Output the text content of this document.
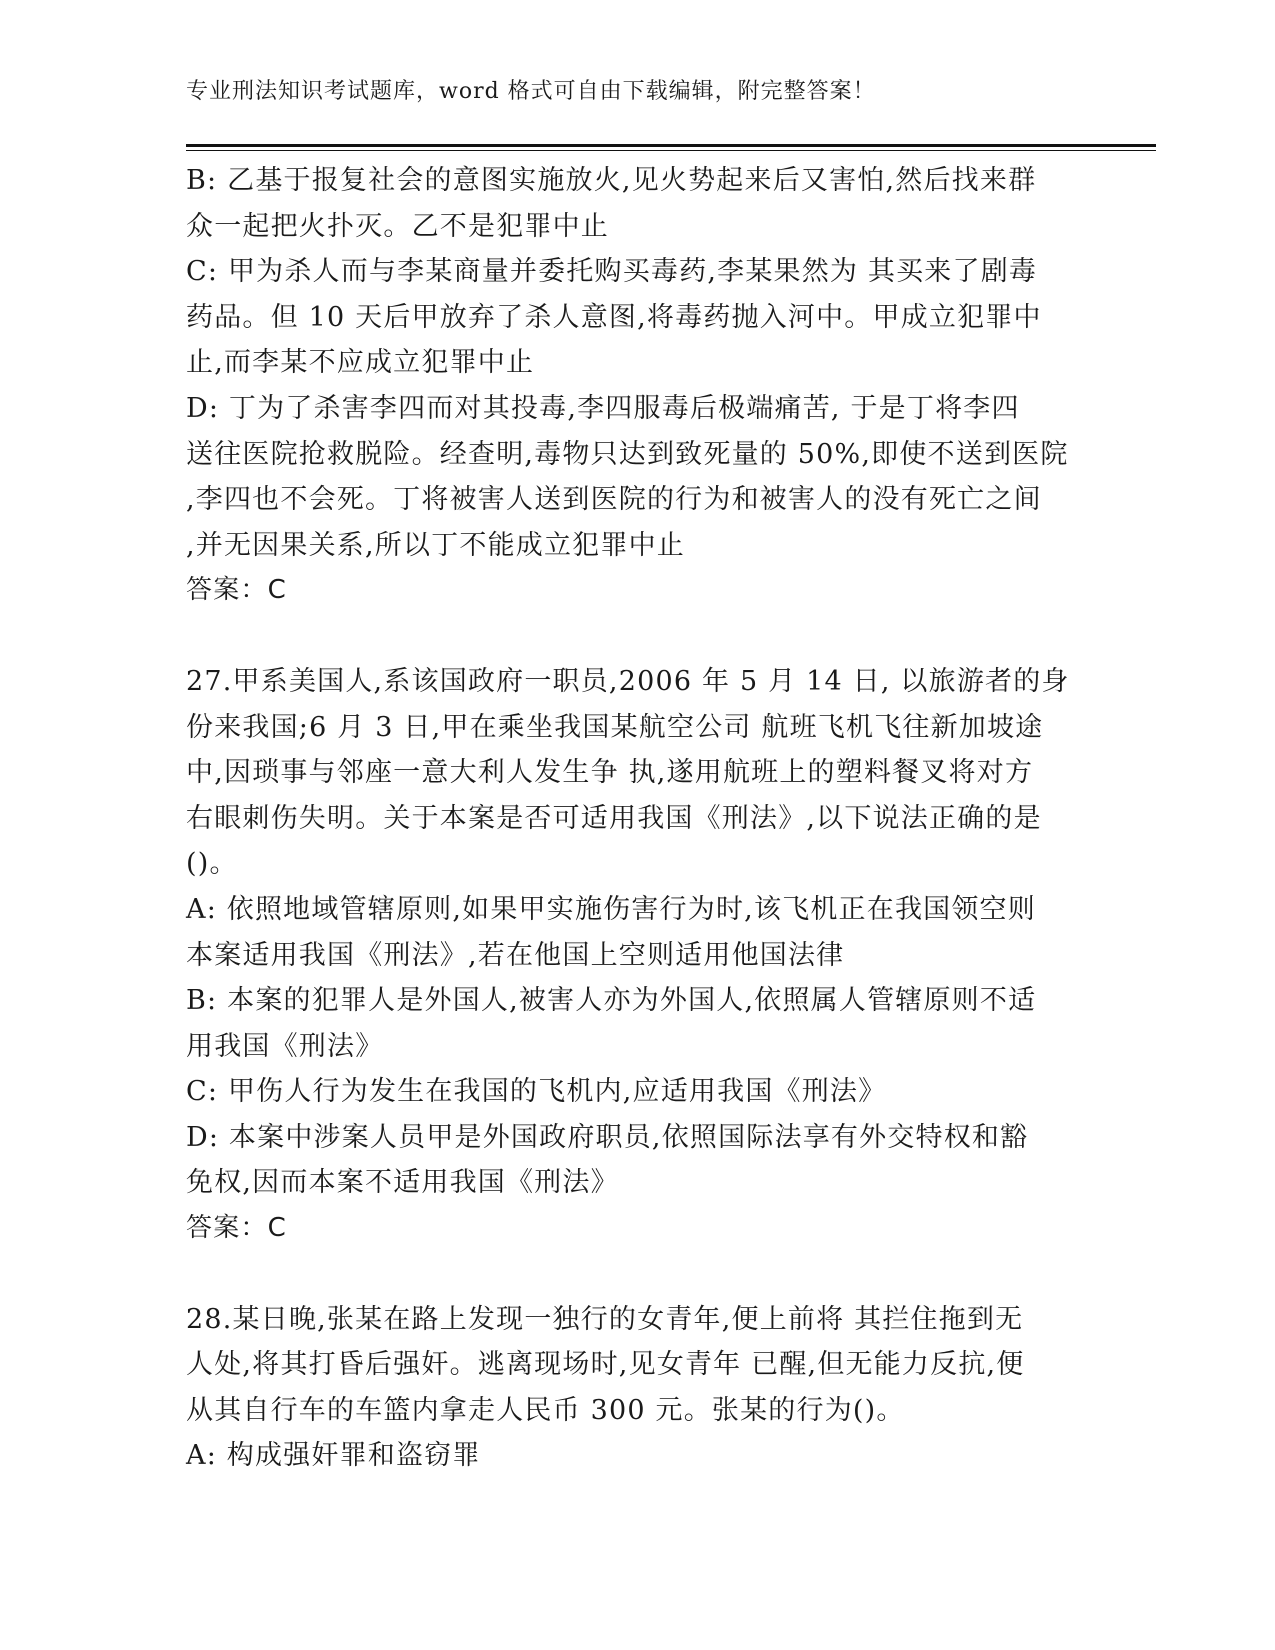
专业刑法知识考试题库，word 格式可自由下载编辑，附完整答案！
B: 乙基于报复社会的意图实施放火,见火势起来后又害怕,然后找来群
众一起把火扑灭。乙不是犯罪中止
C: 甲为杀人而与李某商量并委托购买毒药,李某果然为 其买来了剧毒
药品。但 10 天后甲放弃了杀人意图,将毒药抛入河中。甲成立犯罪中
止,而李某不应成立犯罪中止
D: 丁为了杀害李四而对其投毒,李四服毒后极端痛苦, 于是丁将李四
送往医院抢救脱险。经查明,毒物只达到致死量的 50%,即使不送到医院
,李四也不会死。丁将被害人送到医院的行为和被害人的没有死亡之间
,并无因果关系,所以丁不能成立犯罪中止
答案：C
27.甲系美国人,系该国政府一职员,2006 年 5 月 14 日, 以旅游者的身
份来我国;6 月 3 日,甲在乘坐我国某航空公司 航班飞机飞往新加坡途
中,因琐事与邻座一意大利人发生争 执,遂用航班上的塑料餐叉将对方
右眼刺伤失明。关于本案是否可适用我国《刑法》,以下说法正确的是
()。
A: 依照地域管辖原则,如果甲实施伤害行为时,该飞机正在我国领空则
本案适用我国《刑法》,若在他国上空则适用他国法律
B: 本案的犯罪人是外国人,被害人亦为外国人,依照属人管辖原则不适
用我国《刑法》
C: 甲伤人行为发生在我国的飞机内,应适用我国《刑法》
D: 本案中涉案人员甲是外国政府职员,依照国际法享有外交特权和豁
免权,因而本案不适用我国《刑法》
答案：C
28.某日晚,张某在路上发现一独行的女青年,便上前将 其拦住拖到无
人处,将其打昏后强奸。逃离现场时,见女青年 已醒,但无能力反抗,便
从其自行车的车篮内拿走人民币 300 元。张某的行为()。
A: 构成强奸罪和盗窃罪
